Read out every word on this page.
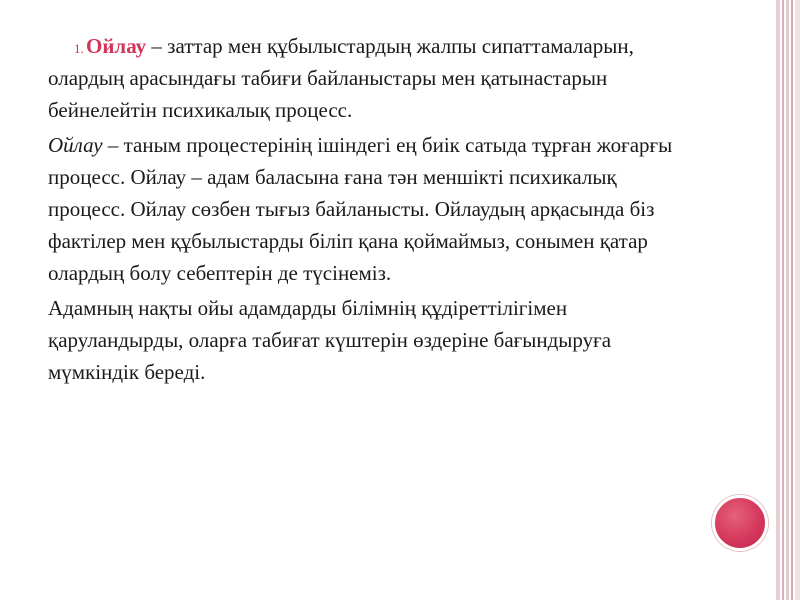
1. Ойлау – заттар мен құбылыстардың жалпы сипаттамаларын, олардың арасындағы табиғи байланыстары мен қатынастарын бейнелейтін психикалық процесс.

Ойлау – таным процестерінің ішіндегі ең биік сатыда тұрған жоғарғы процесс. Ойлау – адам баласына ғана тән меншікті психикалық процесс. Ойлау сөзбен тығыз байланысты. Ойлаудың арқасында біз фактілер мен құбылыстарды біліп қана қоймаймыз, сонымен қатар олардың болу себептерін де түсінеміз.

Адамның нақты ойы адамдарды білімнің құдіреттілігімен қаруландырды, оларға табиғат күштерін өздеріне бағындыруға мүмкіндік береді.
